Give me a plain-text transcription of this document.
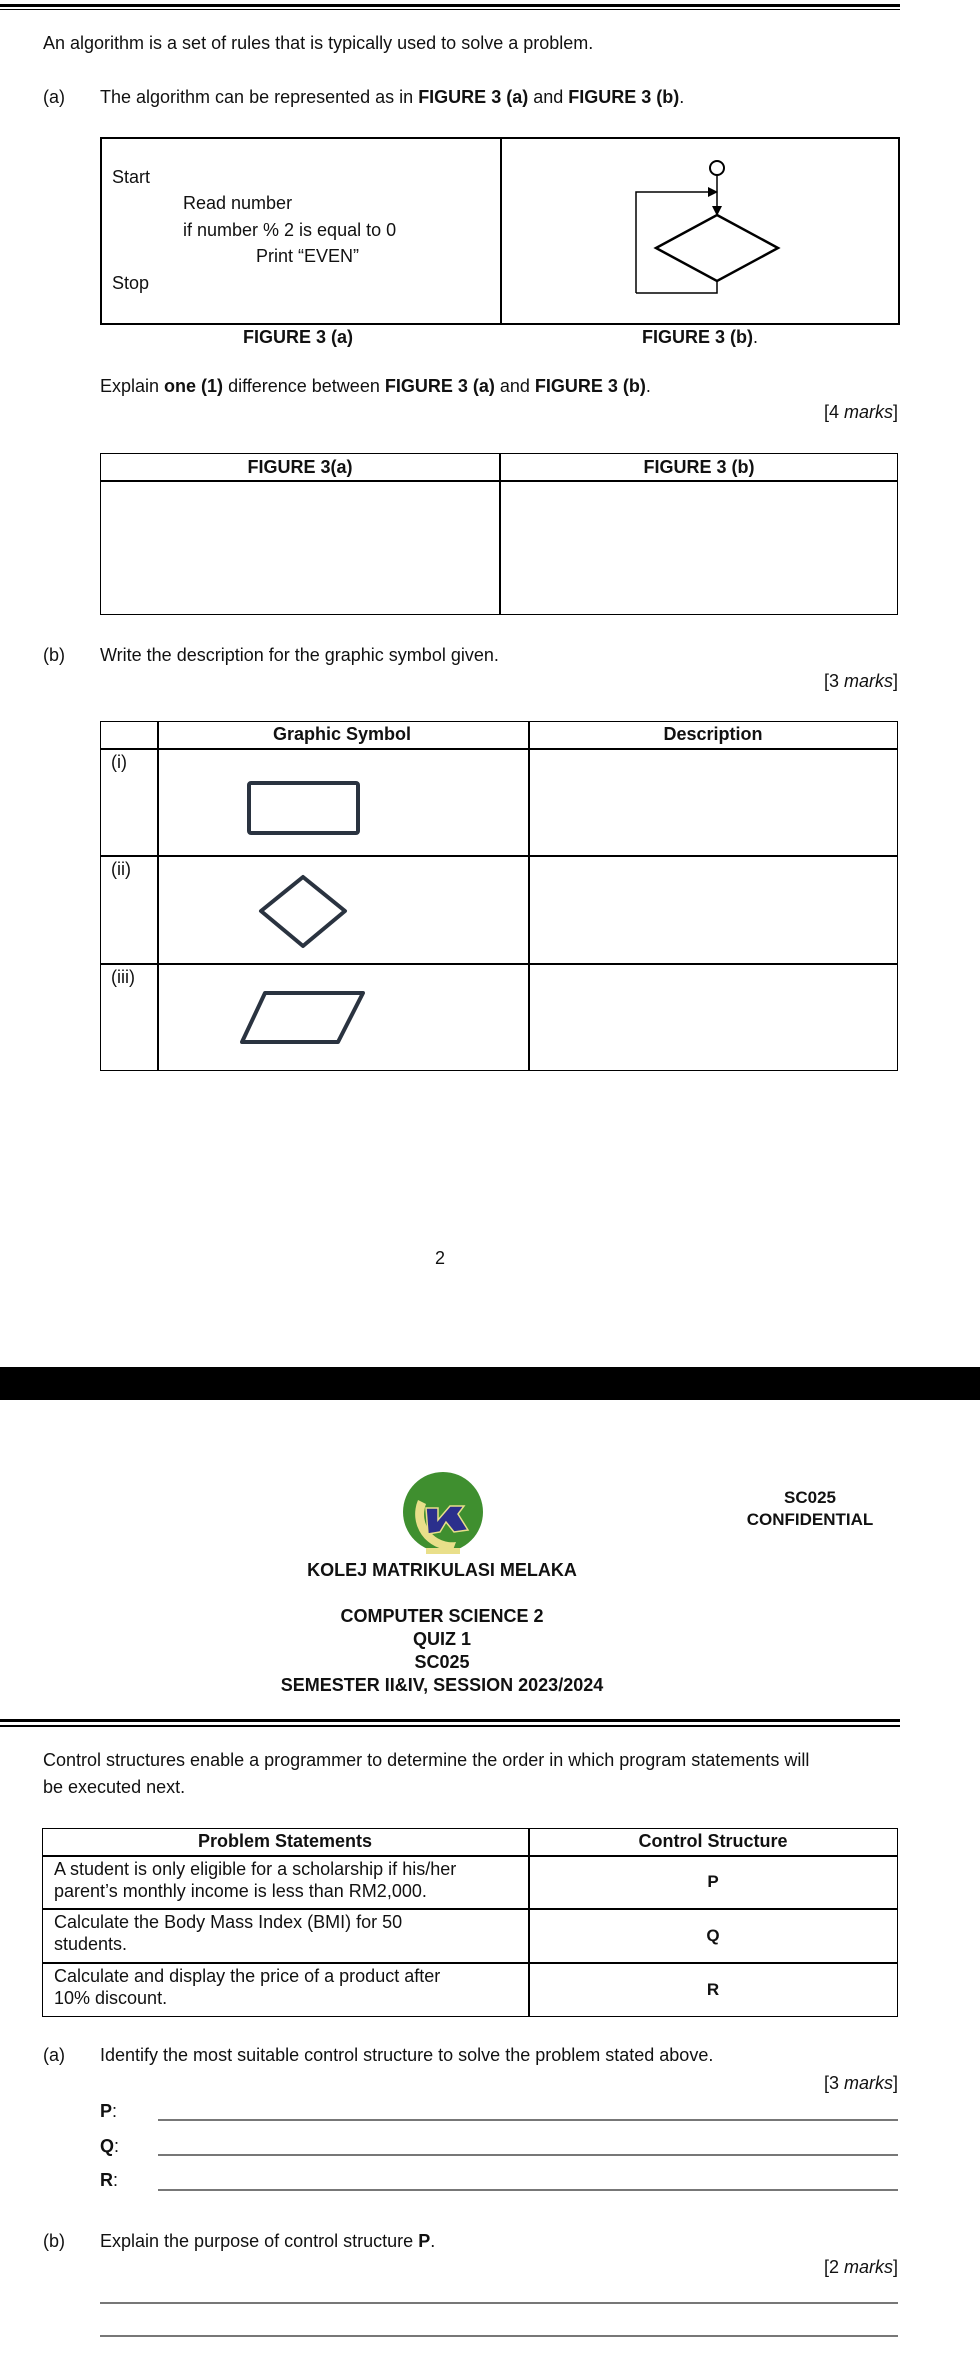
An algorithm is a set of rules that is typically used to solve a problem.
(a) The algorithm can be represented as in FIGURE 3 (a) and FIGURE 3 (b).
Start
Read number
if number % 2 is equal to 0
Print “EVEN”
Stop
FIGURE 3 (a)	FIGURE 3 (b).
Explain one (1) difference between FIGURE 3 (a) and FIGURE 3 (b).
[4 marks]
FIGURE 3(a)	FIGURE 3 (b)
(b) Write the description for the graphic symbol given.
[3 marks]
Graphic Symbol	Description
(i)
(ii)
(iii)
2
SC025
CONFIDENTIAL
KOLEJ MATRIKULASI MELAKA
COMPUTER SCIENCE 2
QUIZ 1
SC025
SEMESTER II&IV, SESSION 2023/2024
Control structures enable a programmer to determine the order in which program statements will
be executed next.
Problem Statements	Control Structure
A student is only eligible for a scholarship if his/her
parent’s monthly income is less than RM2,000.	P
Calculate the Body Mass Index (BMI) for 50
students.	Q
Calculate and display the price of a product after
10% discount.	R
(a) Identify the most suitable control structure to solve the problem stated above.
[3 marks]
P:
Q:
R:
(b) Explain the purpose of control structure P.
[2 marks]
